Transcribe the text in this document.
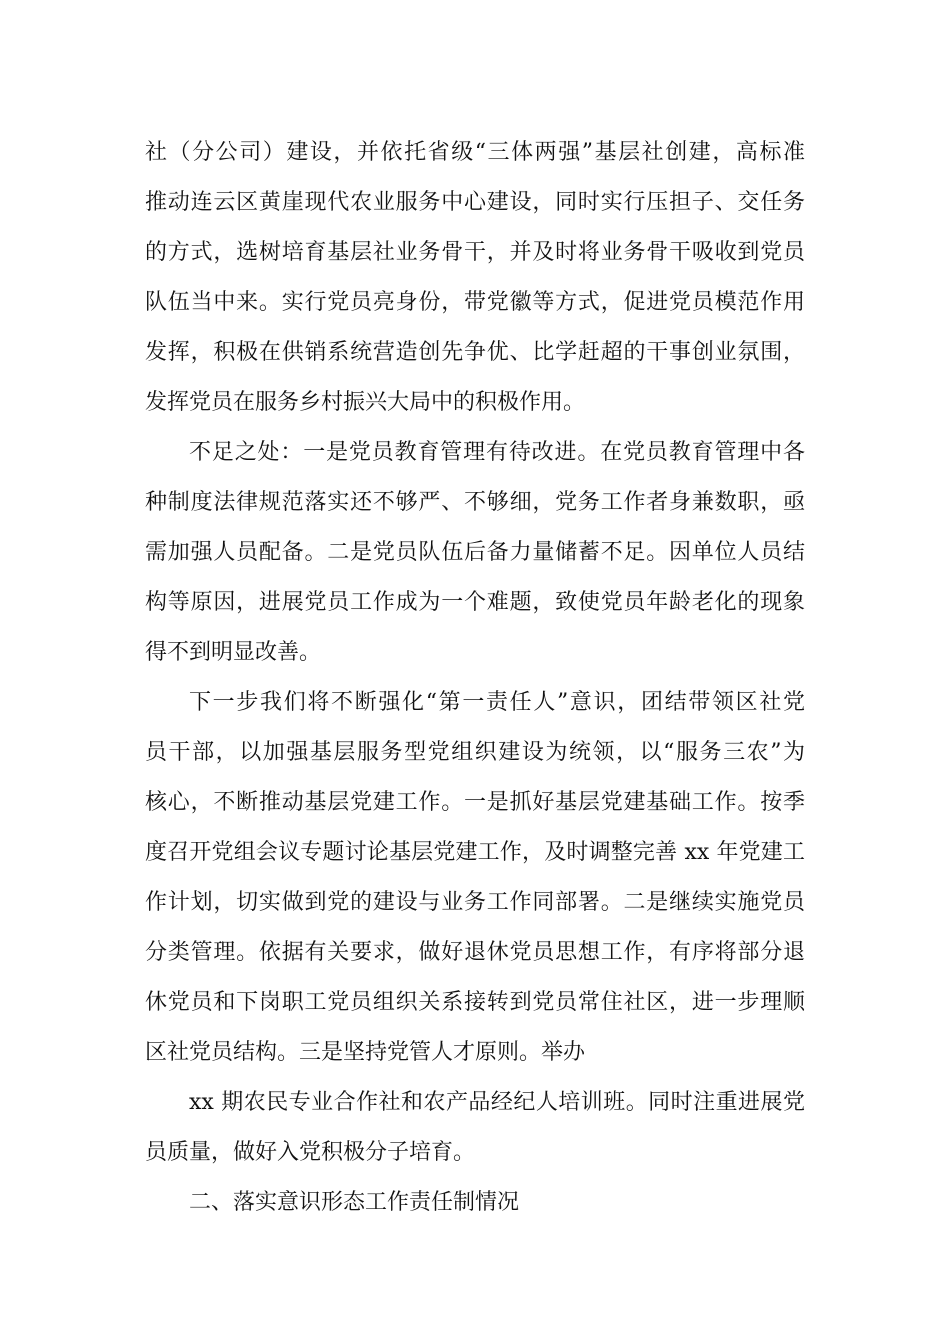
社（分公司）建设，并依托省级“三体两强”基层社创建，高标准
推动连云区黄崖现代农业服务中心建设，同时实行压担子、交任务
的方式，选树培育基层社业务骨干，并及时将业务骨干吸收到党员
队伍当中来。实行党员亮身份，带党徽等方式，促进党员模范作用
发挥，积极在供销系统营造创先争优、比学赶超的干事创业氛围，
发挥党员在服务乡村振兴大局中的积极作用。

不足之处：一是党员教育管理有待改进。在党员教育管理中各
种制度法律规范落实还不够严、不够细，党务工作者身兼数职，亟
需加强人员配备。二是党员队伍后备力量储蓄不足。因单位人员结
构等原因，进展党员工作成为一个难题，致使党员年龄老化的现象
得不到明显改善。

下一步我们将不断强化“第一责任人”意识，团结带领区社党
员干部，以加强基层服务型党组织建设为统领，以“服务三农”为
核心，不断推动基层党建工作。一是抓好基层党建基础工作。按季
度召开党组会议专题讨论基层党建工作，及时调整完善 xx 年党建工
作计划，切实做到党的建设与业务工作同部署。二是继续实施党员
分类管理。依据有关要求，做好退休党员思想工作，有序将部分退
休党员和下岗职工党员组织关系接转到党员常住社区，进一步理顺
区社党员结构。三是坚持党管人才原则。举办

xx 期农民专业合作社和农产品经纪人培训班。同时注重进展党
员质量，做好入党积极分子培育。

二、落实意识形态工作责任制情况
